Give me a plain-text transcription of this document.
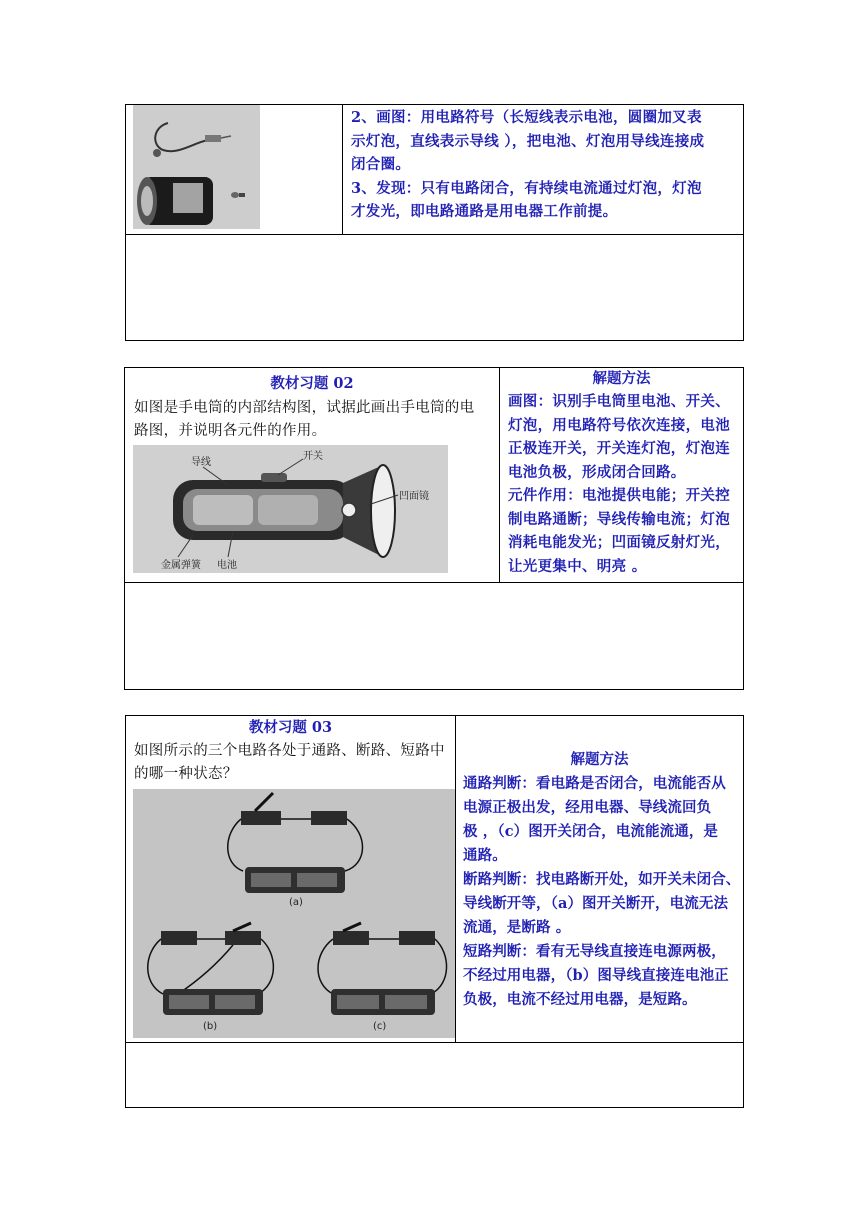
2、画图：用电路符号（长短线表示电池，圆圈加叉表
示灯泡，直线表示导线 ），把电池、灯泡用导线连接成
闭合圈。
3、发现：只有电路闭合，有持续电流通过灯泡，灯泡
才发光，即电路通路是用电器工作前提。
教材习题 02
如图是手电筒的内部结构图，试据此画出手电筒的电
路图，并说明各元件的作用。
导线
开关
凹面镜
金属弹簧 电池
解题方法
画图：识别手电筒里电池、开关、
灯泡，用电路符号依次连接，电池
正极连开关，开关连灯泡，灯泡连
电池负极，形成闭合回路。
元件作用：电池提供电能；开关控
制电路通断；导线传输电流；灯泡
消耗电能发光；凹面镜反射灯光，
让光更集中、明亮 。
教材习题 03
如图所示的三个电路各处于通路、断路、短路中
的哪一种状态？
(a)
(b)	(c)
解题方法
通路判断：看电路是否闭合，电流能否从
电源正极出发，经用电器、导线流回负
极 ，（c）图开关闭合，电流能流通，是
通路。
断路判断：找电路断开处，如开关未闭合、
导线断开等，（a）图开关断开，电流无法
流通，是断路 。
短路判断：看有无导线直接连电源两极，
不经过用电器，（b）图导线直接连电池正
负极，电流不经过用电器，是短路。
